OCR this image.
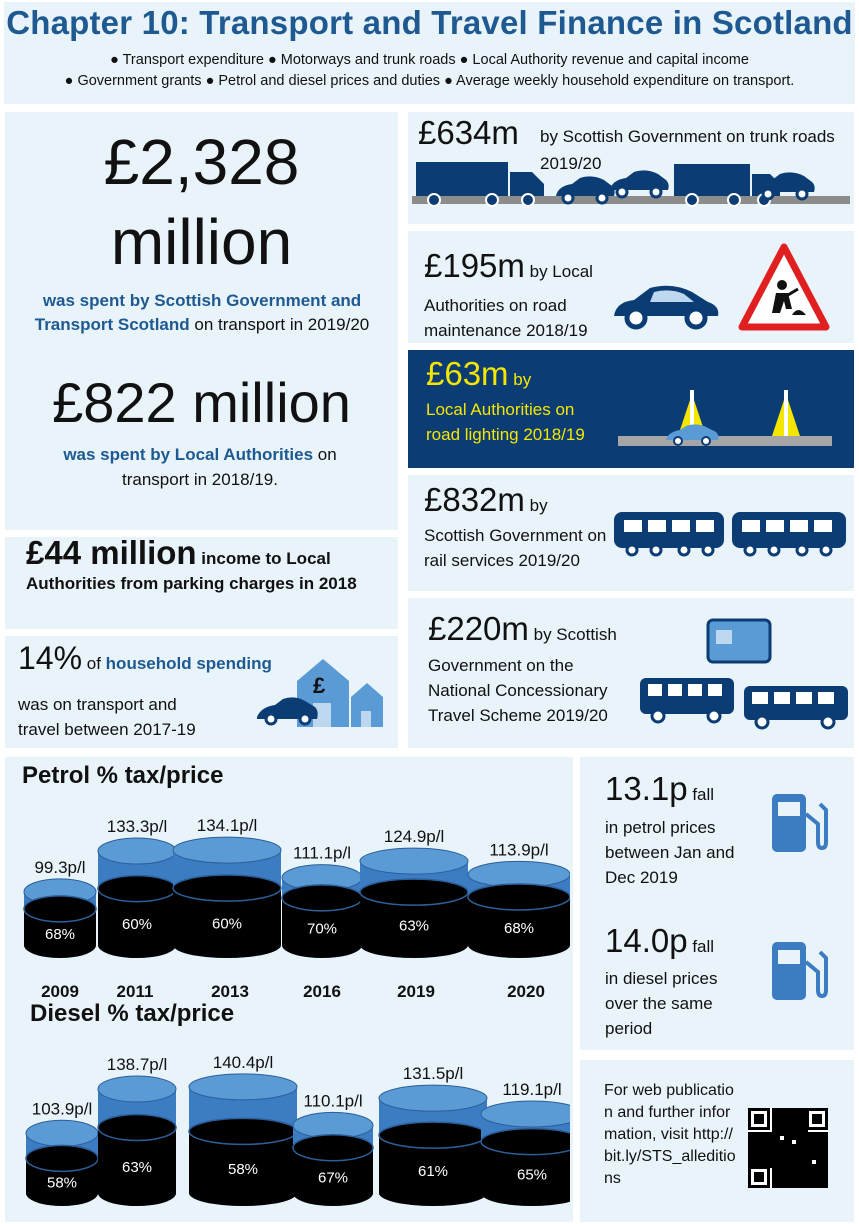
Chapter 10: Transport and Travel Finance in Scotland
● Transport expenditure ● Motorways and trunk roads ● Local Authority revenue and capital income
● Government grants ● Petrol and diesel prices and duties ● Average weekly household expenditure on transport.
£2,328
million
was spent by Scottish Government and Transport Scotland on transport in 2019/20
£822 million
was spent by Local Authorities on transport in 2018/19.
£44 million income to Local Authorities from parking charges in 2018
14% of household spending
was on transport and travel between 2017-19
£
£634m by Scottish Government on trunk roads 2019/20
£195m by Local
Authorities on road maintenance 2018/19
£63m by
Local Authorities on road lighting 2018/19
£832m by
Scottish Government on rail services 2019/20
£220m by Scottish
Government on the National Concessionary Travel Scheme 2019/20
Petrol % tax/price
Diesel % tax/price
68%
99.3p/l
60%
133.3p/l
60%
134.1p/l
70%
111.1p/l
63%
124.9p/l
68%
113.9p/l
58%
103.9p/l
63%
138.7p/l
58%
140.4p/l
67%
110.1p/l
61%
131.5p/l
65%
119.1p/l
2009	2011	2013	2016	2019	2020
13.1p fall
in petrol prices between Jan and Dec 2019
14.0p fall
in diesel prices over the same period
For web publication and further information, visit http://bit.ly/STS_alleditions
